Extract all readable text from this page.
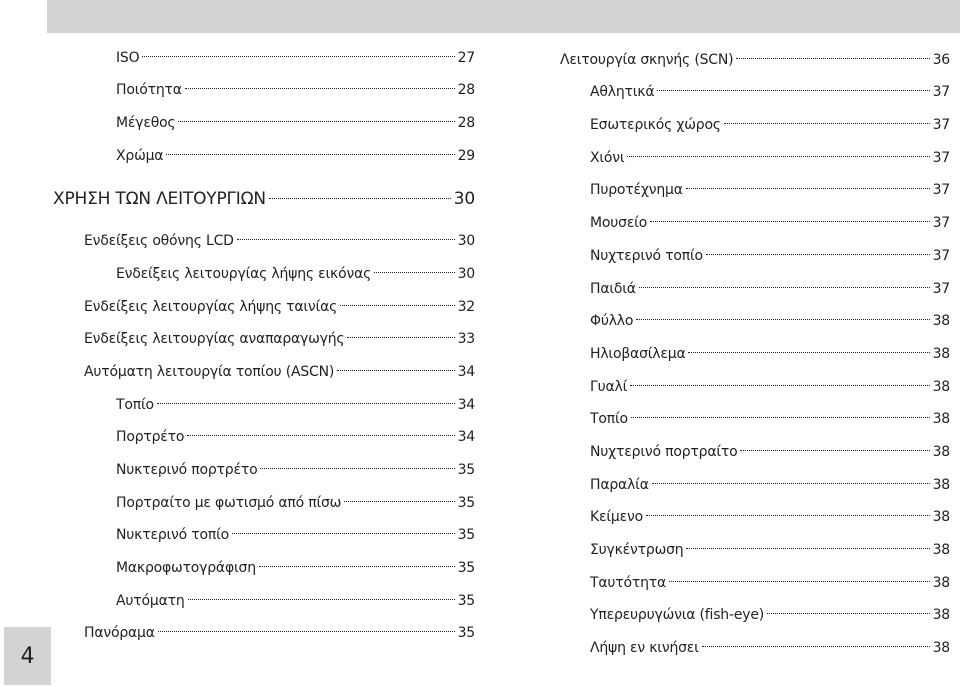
ISO	27
Ποιότητα	28
Μέγεθος	28
Χρώμα	29
ΧΡΗΣΗ ΤΩΝ ΛΕΙΤΟΥΡΓΙΩΝ	30
Ενδείξεις οθόνης LCD	30
Ενδείξεις λειτουργίας λήψης εικόνας	30
Ενδείξεις λειτουργίας λήψης ταινίας	32
Ενδείξεις λειτουργίας αναπαραγωγής	33
Αυτόματη λειτουργία τοπίου (ASCN)	34
Τοπίο	34
Πορτρέτο	34
Νυκτερινό πορτρέτο	35
Πορτραίτο με φωτισμό από πίσω	35
Νυκτερινό τοπίο	35
Μακροφωτογράφιση	35
Αυτόματη	35
Πανόραμα	35
Λειτουργία σκηνής (SCN)	36
Αθλητικά	37
Εσωτερικός χώρος	37
Χιόνι	37
Πυροτέχνημα	37
Μουσείο	37
Νυχτερινό τοπίο	37
Παιδιά	37
Φύλλο	38
Ηλιοβασίλεμα	38
Γυαλί	38
Τοπίο	38
Νυχτερινό πορτραίτο	38
Παραλία	38
Κείμενο	38
Συγκέντρωση	38
Ταυτότητα	38
Υπερευρυγώνια (fish-eye)	38
Λήψη εν κινήσει	38
4
